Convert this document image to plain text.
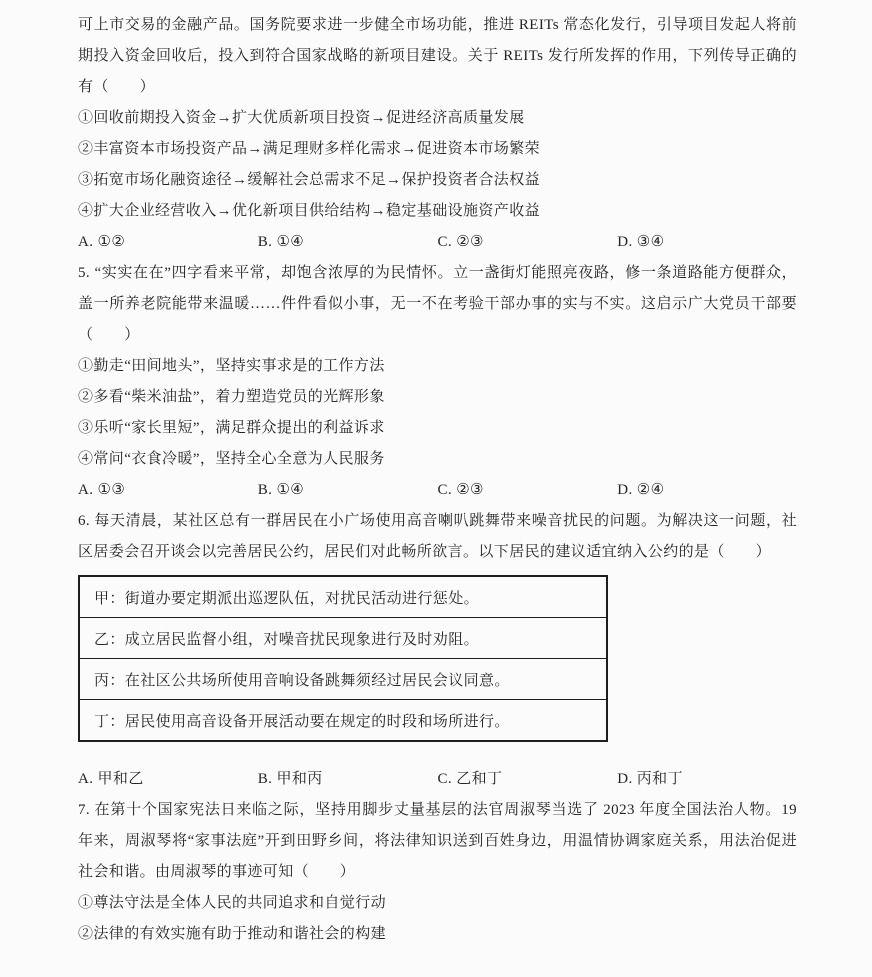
可上市交易的金融产品。国务院要求进一步健全市场功能，推进 REITs 常态化发行，引导项目发起人将前期投入资金回收后，投入到符合国家战略的新项目建设。关于 REITs 发行所发挥的作用，下列传导正确的有（　　）

①回收前期投入资金→扩大优质新项目投资→促进经济高质量发展

②丰富资本市场投资产品→满足理财多样化需求→促进资本市场繁荣

③拓宽市场化融资途径→缓解社会总需求不足→保护投资者合法权益

④扩大企业经营收入→优化新项目供给结构→稳定基础设施资产收益

A. ①②	B. ①④	C. ②③	D. ③④

5. “实实在在”四字看来平常，却饱含浓厚的为民情怀。立一盏街灯能照亮夜路，修一条道路能方便群众，盖一所养老院能带来温暖……件件看似小事，无一不在考验干部办事的实与不实。这启示广大党员干部要（　　）

①勤走“田间地头”，坚持实事求是的工作方法

②多看“柴米油盐”，着力塑造党员的光辉形象

③乐听“家长里短”，满足群众提出的利益诉求

④常问“衣食冷暖”，坚持全心全意为人民服务

A. ①③	B. ①④	C. ②③	D. ②④

6. 每天清晨，某社区总有一群居民在小广场使用高音喇叭跳舞带来噪音扰民的问题。为解决这一问题，社区居委会召开谈会以完善居民公约，居民们对此畅所欲言。以下居民的建议适宜纳入公约的是（　　）

甲：街道办要定期派出巡逻队伍，对扰民活动进行惩处。
乙：成立居民监督小组，对噪音扰民现象进行及时劝阻。
丙：在社区公共场所使用音响设备跳舞须经过居民会议同意。
丁：居民使用高音设备开展活动要在规定的时段和场所进行。
A. 甲和乙	B. 甲和丙	C. 乙和丁	D. 丙和丁

7. 在第十个国家宪法日来临之际，坚持用脚步丈量基层的法官周淑琴当选了 2023 年度全国法治人物。19 年来，周淑琴将“家事法庭”开到田野乡间，将法律知识送到百姓身边，用温情协调家庭关系，用法治促进社会和谐。由周淑琴的事迹可知（　　）

①尊法守法是全体人民的共同追求和自觉行动

②法律的有效实施有助于推动和谐社会的构建
